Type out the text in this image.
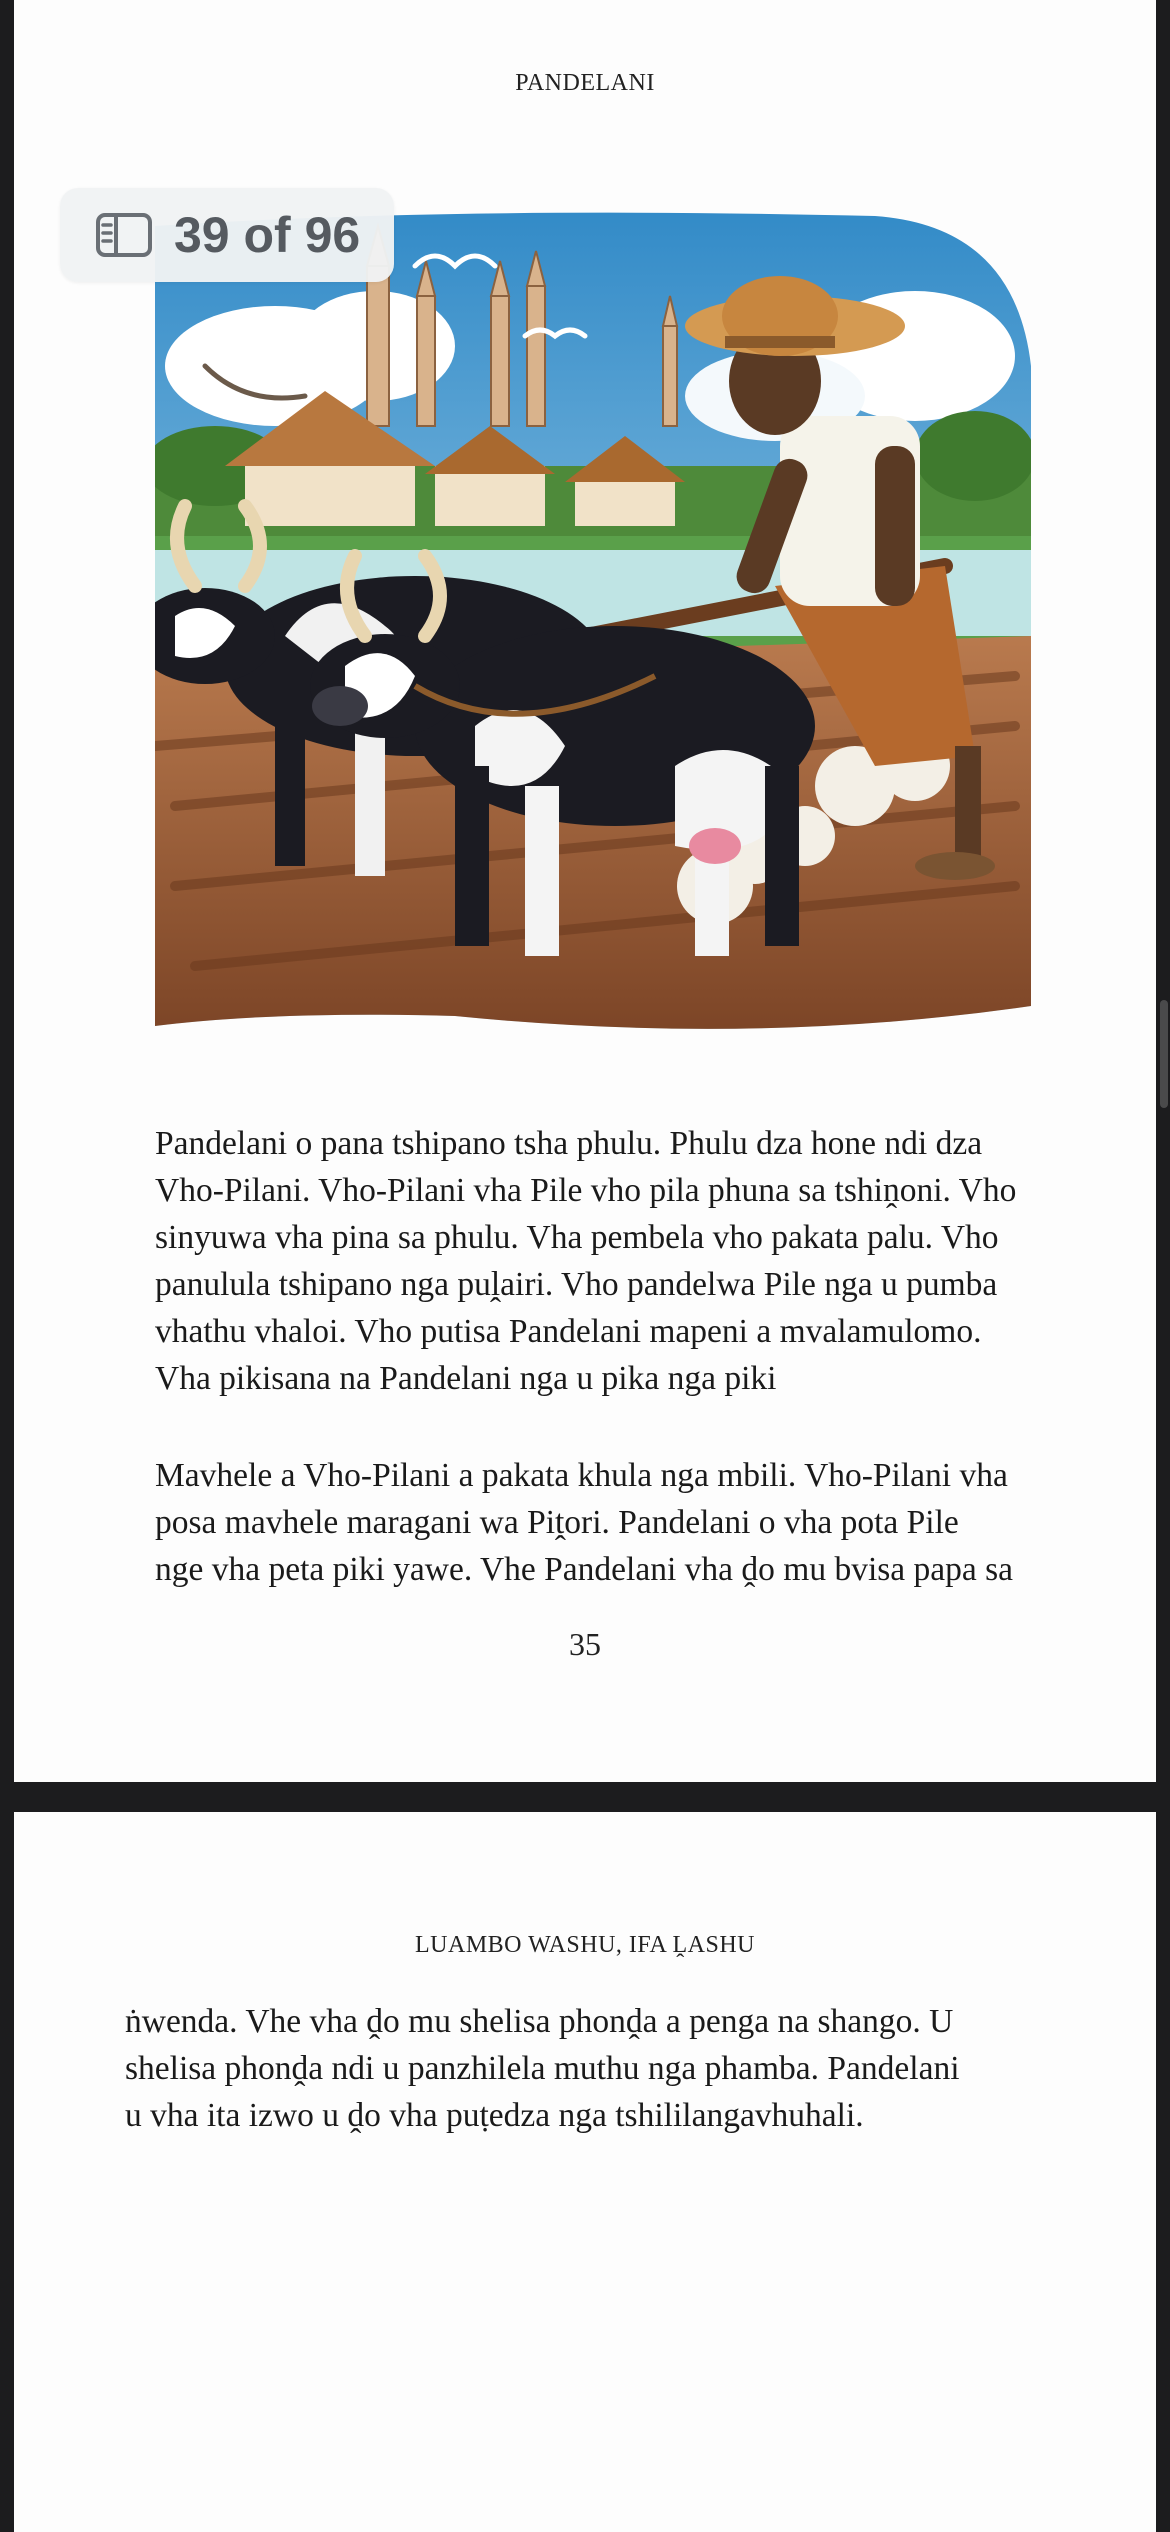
PANDELANI
39 of 96
Pandelani o pana tshipano tsha phulu. Phulu dza hone ndi dza
Vho-Pilani. Vho-Pilani vha Pile vho pila phuna sa tshiṋoni. Vho
sinyuwa vha pina sa phulu. Vha pembela vho pakata palu. Vho
panulula tshipano nga puḽairi. Vho pandelwa Pile nga u pumba
vhathu vhaloi. Vho putisa Pandelani mapeni a mvalamulomo.
Vha pikisana na Pandelani nga u pika nga piki
Mavhele a Vho-Pilani a pakata khula nga mbili. Vho-Pilani vha
posa mavhele maragani wa Piṱori. Pandelani o vha pota Pile
nge vha peta piki yawe. Vhe Pandelani vha ḓo mu bvisa papa sa
35
LUAMBO WASHU, IFA ḼASHU
ṅwenda. Vhe vha ḓo mu shelisa phonḓa a penga na shango. U
shelisa phonḓa ndi u panzhilela muthu nga phamba. Pandelani
u vha ita izwo u ḓo vha puṭedza nga tshililangavhuhali.
